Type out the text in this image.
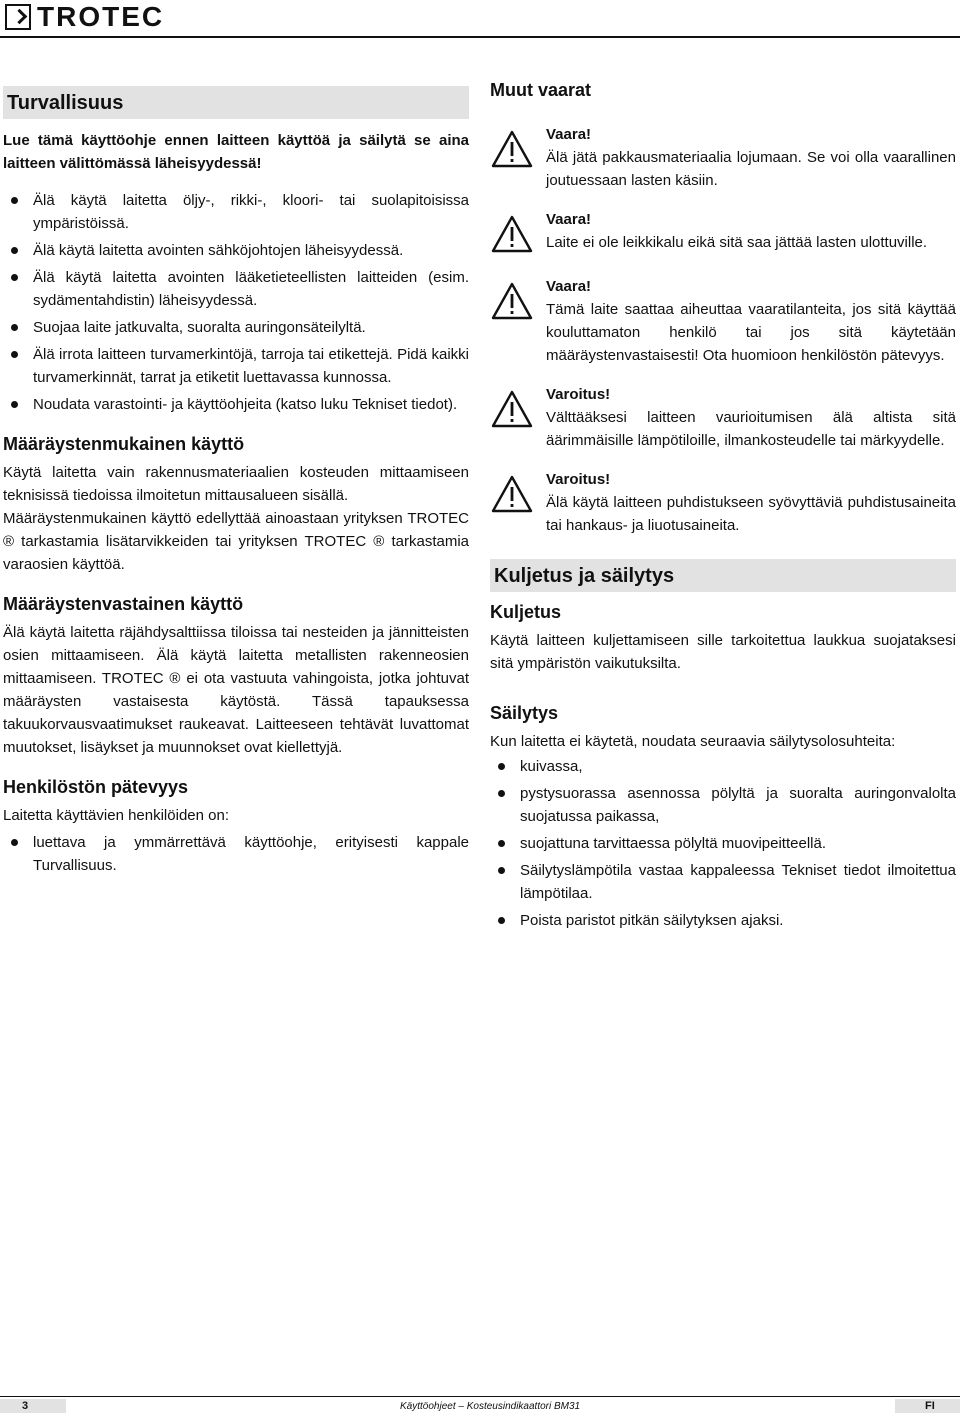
TROTEC
Turvallisuus

Lue tämä käyttöohje ennen laitteen käyttöä ja säilytä se aina laitteen välittömässä läheisyydessä!

Älä käytä laitetta öljy-, rikki-, kloori- tai suolapitoisissa ympäristöissä.
Älä käytä laitetta avointen sähköjohtojen läheisyydessä.
Älä käytä laitetta avointen lääketieteellisten laitteiden (esim. sydämentahdistin) läheisyydessä.
Suojaa laite jatkuvalta, suoralta auringonsäteilyltä.
Älä irrota laitteen turvamerkintöjä, tarroja tai etikettejä. Pidä kaikki turvamerkinnät, tarrat ja etiketit luettavassa kunnossa.
Noudata varastointi- ja käyttöohjeita (katso luku Tekniset tiedot).
Määräystenmukainen käyttö

Käytä laitetta vain rakennusmateriaalien kosteuden mittaamiseen teknisissä tiedoissa ilmoitetun mittausalueen sisällä.

Määräystenmukainen käyttö edellyttää ainoastaan yrityksen TROTEC ® tarkastamia lisätarvikkeiden tai yrityksen TROTEC ® tarkastamia varaosien käyttöä.

Määräystenvastainen käyttö

Älä käytä laitetta räjähdysalttiissa tiloissa tai nesteiden ja jännitteisten osien mittaamiseen. Älä käytä laitetta metallisten rakenneosien mittaamiseen. TROTEC ® ei ota vastuuta vahingoista, jotka johtuvat määräysten vastaisesta käytöstä. Tässä tapauksessa takuukorvausvaatimukset raukeavat. Laitteeseen tehtävät luvattomat muutokset, lisäykset ja muunnokset ovat kiellettyjä.

Henkilöstön pätevyys

Laitetta käyttävien henkilöiden on:

luettava ja ymmärrettävä käyttöohje, erityisesti kappale Turvallisuus.
Muut vaarat
Vaara!

Älä jätä pakkausmateriaalia lojumaan. Se voi olla vaarallinen joutuessaan lasten käsiin.

Vaara!

Laite ei ole leikkikalu eikä sitä saa jättää lasten ulottuville.

Vaara!

Tämä laite saattaa aiheuttaa vaaratilanteita, jos sitä käyttää kouluttamaton henkilö tai jos sitä käytetään määräystenvastaisesti! Ota huomioon henkilöstön pätevyys.

Varoitus!

Välttääksesi laitteen vaurioitumisen älä altista sitä äärimmäisille lämpötiloille, ilmankosteudelle tai märkyydelle.

Varoitus!

Älä käytä laitteen puhdistukseen syövyttäviä puhdistusaineita tai hankaus- ja liuotusaineita.

Kuljetus ja säilytys
Kuljetus

Käytä laitteen kuljettamiseen sille tarkoitettua laukkua suojataksesi sitä ympäristön vaikutuksilta.

Säilytys

Kun laitetta ei käytetä, noudata seuraavia säilytysolosuhteita:

kuivassa,
pystysuorassa asennossa pölyltä ja suoralta auringonvalolta suojatussa paikassa,
suojattuna tarvittaessa pölyltä muovipeitteellä.
Säilytyslämpötila vastaa kappaleessa Tekniset tiedot ilmoitettua lämpötilaa.
Poista paristot pitkän säilytyksen ajaksi.
3	Käyttöohjeet – Kosteusindikaattori BM31	FI
